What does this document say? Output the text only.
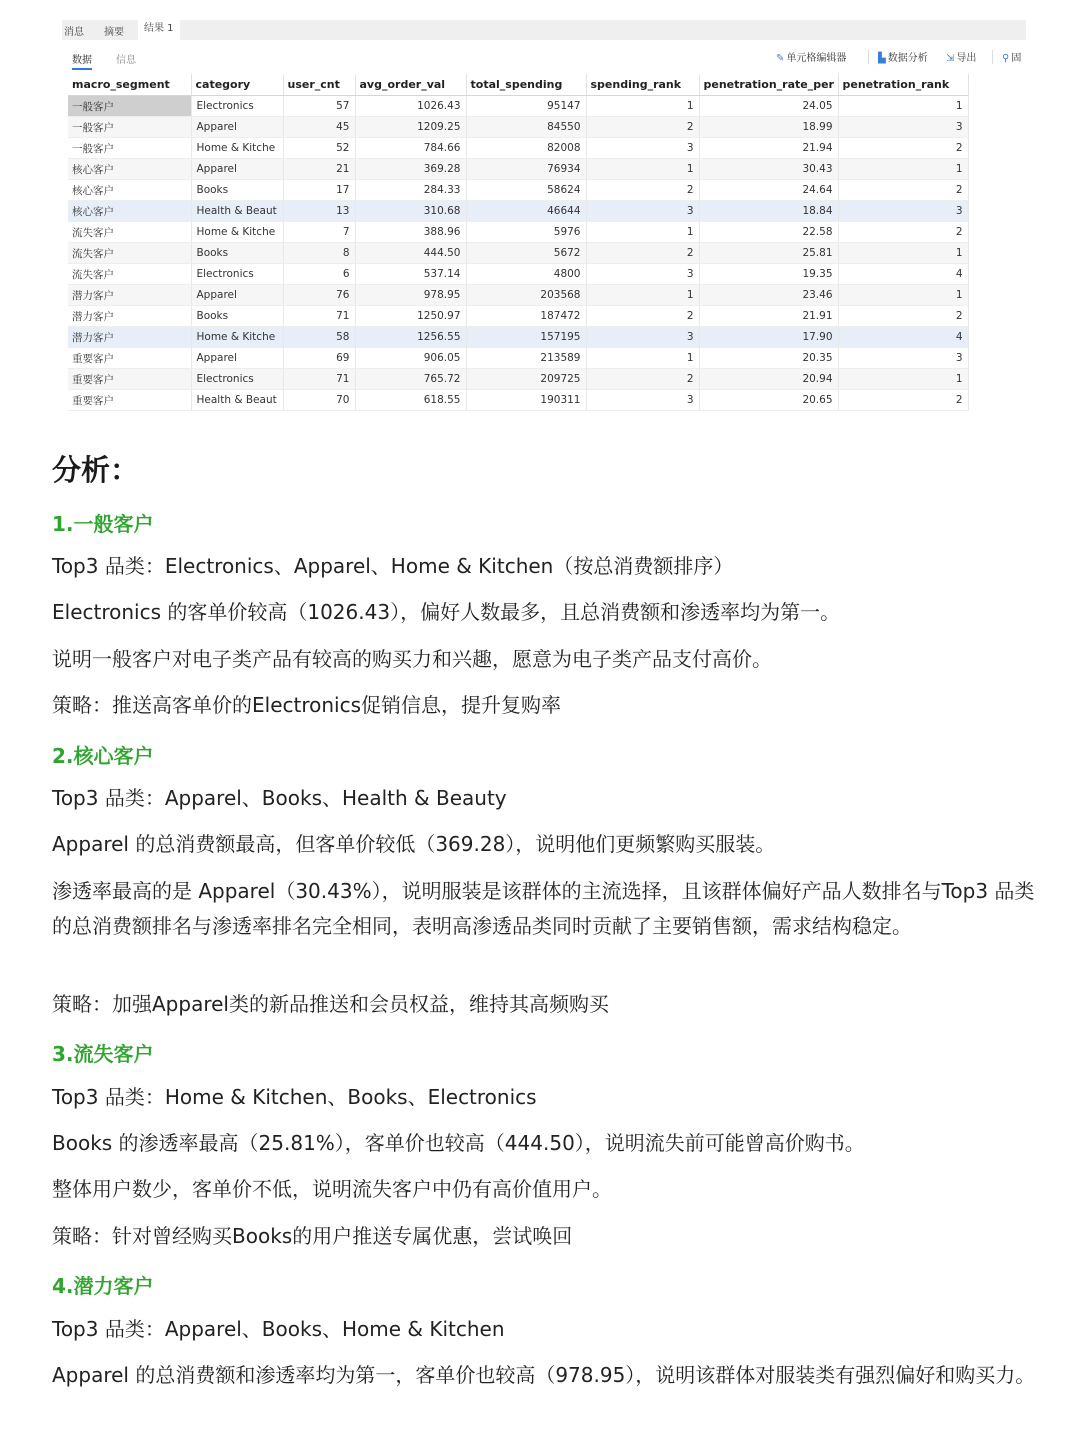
消息 摘要	结果 1
数据 信息	✎ 单元格编辑器	▙ 数据分析 ⇲ 导出	⚲ 固
macro_segment	category	user_cnt	avg_order_val	total_spending	spending_rank	penetration_rate_per	penetration_rank
一般客户	Electronics	57	1026.43	95147	1	24.05	1
一般客户	Apparel	45	1209.25	84550	2	18.99	3
一般客户	Home & Kitche	52	784.66	82008	3	21.94	2
核心客户	Apparel	21	369.28	76934	1	30.43	1
核心客户	Books	17	284.33	58624	2	24.64	2
核心客户	Health & Beaut	13	310.68	46644	3	18.84	3
流失客户	Home & Kitche	7	388.96	5976	1	22.58	2
流失客户	Books	8	444.50	5672	2	25.81	1
流失客户	Electronics	6	537.14	4800	3	19.35	4
潜力客户	Apparel	76	978.95	203568	1	23.46	1
潜力客户	Books	71	1250.97	187472	2	21.91	2
潜力客户	Home & Kitche	58	1256.55	157195	3	17.90	4
重要客户	Apparel	69	906.05	213589	1	20.35	3
重要客户	Electronics	71	765.72	209725	2	20.94	1
重要客户	Health & Beaut	70	618.55	190311	3	20.65	2
分析：
1.一般客户

Top3 品类：Electronics、Apparel、Home & Kitchen（按总消费额排序）

Electronics 的客单价较高（1026.43），偏好人数最多，且总消费额和渗透率均为第一。

说明一般客户对电子类产品有较高的购买力和兴趣，愿意为电子类产品支付高价。

策略：推送高客单价的Electronics促销信息，提升复购率

2.核心客户

Top3 品类：Apparel、Books、Health & Beauty

Apparel 的总消费额最高，但客单价较低（369.28），说明他们更频繁购买服装。

渗透率最高的是 Apparel（30.43%），说明服装是该群体的主流选择，且该群体偏好产品人数排名与Top3 品类的总消费额排名与渗透率排名完全相同，表明高渗透品类同时贡献了主要销售额，需求结构稳定。

策略：加强Apparel类的新品推送和会员权益，维持其高频购买

3.流失客户

Top3 品类：Home & Kitchen、Books、Electronics

Books 的渗透率最高（25.81%），客单价也较高（444.50），说明流失前可能曾高价购书。

整体用户数少，客单价不低，说明流失客户中仍有高价值用户。

策略：针对曾经购买Books的用户推送专属优惠，尝试唤回

4.潜力客户

Top3 品类：Apparel、Books、Home & Kitchen

Apparel 的总消费额和渗透率均为第一，客单价也较高（978.95），说明该群体对服装类有强烈偏好和购买力。
